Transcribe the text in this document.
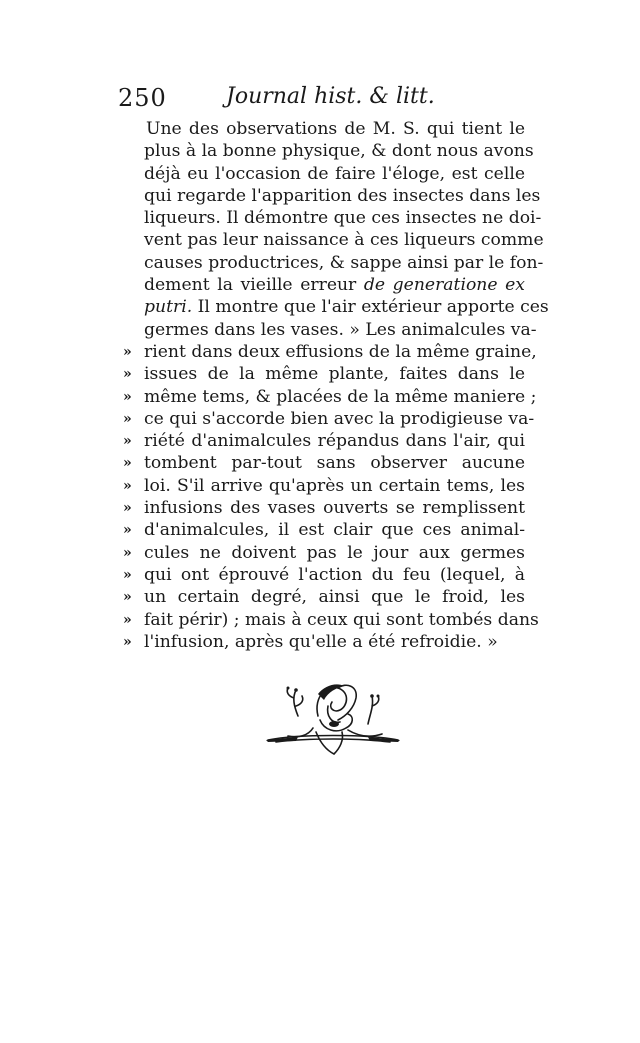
250	Journal hist. & litt.
Une des observations de M. S. qui tient le
plus à la bonne physique, & dont nous avons
déjà eu l'occasion de faire l'éloge, est celle
qui regarde l'apparition des insectes dans les
liqueurs. Il démontre que ces insectes ne doi-
vent pas leur naissance à ces liqueurs comme
causes productrices, & sappe ainsi par le fon-
dement la vieille erreur de generatione ex
putri. Il montre que l'air extérieur apporte ces
germes dans les vases. » Les animalcules va-
» rient dans deux effusions de la même graine,
» issues de la même plante, faites dans le
» même tems, & placées de la même maniere ;
» ce qui s'accorde bien avec la prodigieuse va-
» riété d'animalcules répandus dans l'air, qui
» tombent par-tout sans observer aucune
» loi. S'il arrive qu'après un certain tems, les
» infusions des vases ouverts se remplissent
» d'animalcules, il est clair que ces animal-
» cules ne doivent pas le jour aux germes
» qui ont éprouvé l'action du feu (lequel, à
» un certain degré, ainsi que le froid, les
» fait périr) ; mais à ceux qui sont tombés dans
» l'infusion, après qu'elle a été refroidie. »
